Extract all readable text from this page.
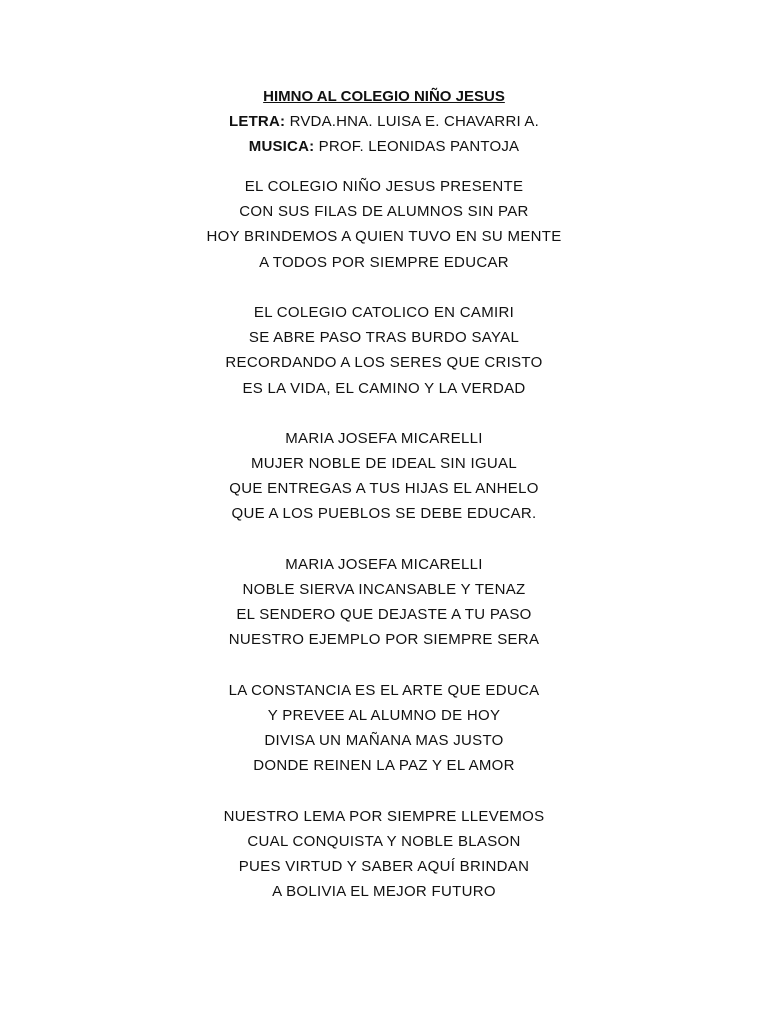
HIMNO AL COLEGIO NIÑO JESUS
LETRA: RVDA.HNA. LUISA E. CHAVARRI A.
MUSICA: PROF. LEONIDAS PANTOJA
EL COLEGIO NIÑO JESUS PRESENTE
CON SUS FILAS DE ALUMNOS SIN PAR
HOY BRINDEMOS A QUIEN TUVO EN SU MENTE
A TODOS POR SIEMPRE EDUCAR
EL COLEGIO CATOLICO EN CAMIRI
SE ABRE PASO TRAS BURDO SAYAL
RECORDANDO A LOS SERES QUE CRISTO
ES LA VIDA, EL CAMINO Y LA VERDAD
MARIA JOSEFA MICARELLI
MUJER NOBLE DE IDEAL SIN IGUAL
QUE ENTREGAS A TUS HIJAS EL ANHELO
QUE A LOS PUEBLOS SE DEBE EDUCAR.
MARIA JOSEFA MICARELLI
NOBLE SIERVA INCANSABLE Y TENAZ
EL SENDERO QUE DEJASTE A TU PASO
NUESTRO EJEMPLO POR SIEMPRE SERA
LA CONSTANCIA ES EL ARTE QUE EDUCA
Y PREVEE AL ALUMNO DE HOY
DIVISA UN MAÑANA MAS JUSTO
DONDE REINEN LA PAZ Y EL AMOR
NUESTRO LEMA POR SIEMPRE LLEVEMOS
CUAL CONQUISTA Y NOBLE BLASON
PUES VIRTUD Y SABER AQUÍ BRINDAN
A BOLIVIA EL MEJOR FUTURO
